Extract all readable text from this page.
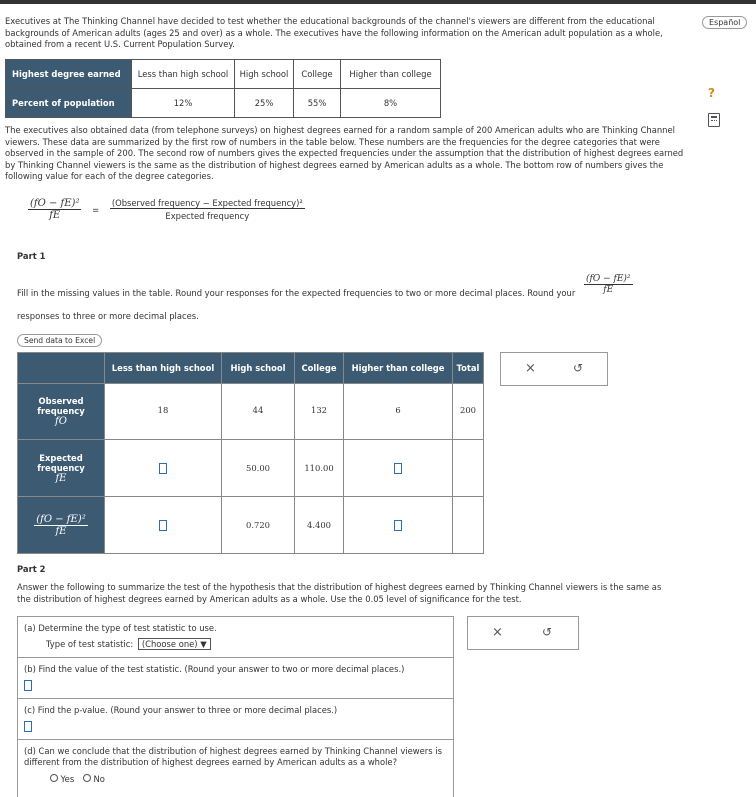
Executives at The Thinking Channel have decided to test whether the educational backgrounds of the channel's viewers are different from the educational backgrounds of American adults (ages 25 and over) as a whole. The executives have the following information on the American adult population as a whole, obtained from a recent U.S. Current Population Survey.

Español
?
Highest degree earned	Less than high school	High school	College	Higher than college
Percent of population	12%	25%	55%	8%

The executives also obtained data (from telephone surveys) on highest degrees earned for a random sample of 200 American adults who are Thinking Channel viewers. These data are summarized by the first row of numbers in the table below. These numbers are the frequencies for the degree categories that were observed in the sample of 200. The second row of numbers gives the expected frequencies under the assumption that the distribution of highest degrees earned by Thinking Channel viewers is the same as the distribution of highest degrees earned by American adults as a whole. The bottom row of numbers gives the following value for each of the degree categories.

$\frac{\text{(fO − fE)²}}{fE} = \frac{\text{(Observed frequency − Expected frequency)²}}{\text{Expected frequency}}$
Part 1
Fill in the missing values in the table. Round your responses for the expected frequencies to two or more decimal places. Round your $\frac{\text{(fO − fE)²}}{fE}$
responses to three or more decimal places.
Send data to Excel
	Less than high school	High school	College	Higher than college	Total

Observed frequency
fO	18	44	132	6	200

Expected frequency
fE		50.00	110.00		

$\frac{\text{(fO − fE)²}}{fE}$		0.720	4.400		

×	↺
Part 2

Answer the following to summarize the test of the hypothesis that the distribution of highest degrees earned by Thinking Channel viewers is the same as the distribution of highest degrees earned by American adults as a whole. Use the 0.05 level of significance for the test.

(a) Determine the type of test statistic to use.
Type of test statistic: (Choose one) ▼
(b) Find the value of the test statistic. (Round your answer to two or more decimal places.)
(c) Find the p-value. (Round your answer to three or more decimal places.)
(d) Can we conclude that the distribution of highest degrees earned by Thinking Channel viewers is different from the distribution of highest degrees earned by American adults as a whole?
Yes No
×	↺
